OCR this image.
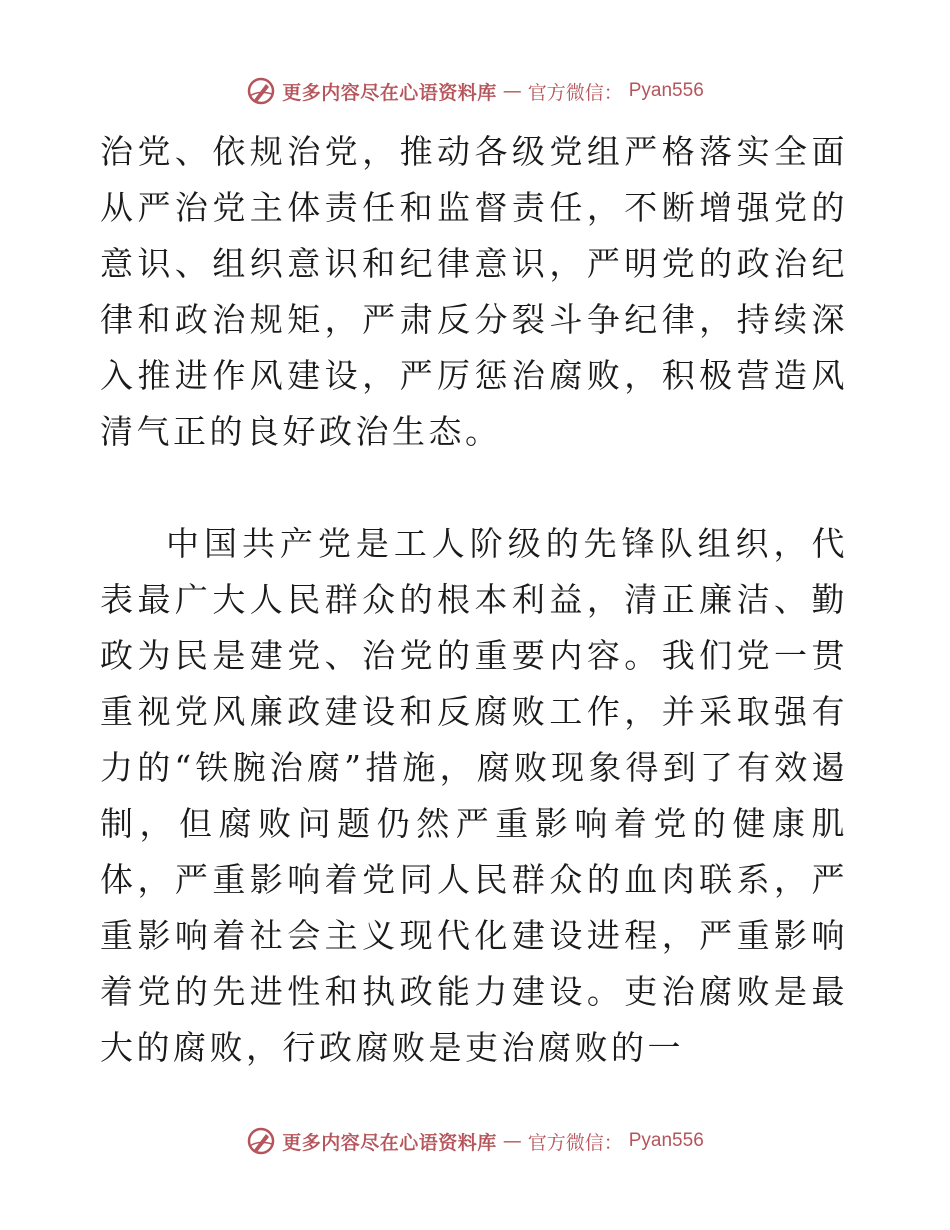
更多内容尽在心语资料库 — 官方微信： Pyan556

治党、依规治党，推动各级党组严格落实全面从严治党主体责任和监督责任，不断增强党的意识、组织意识和纪律意识，严明党的政治纪律和政治规矩，严肃反分裂斗争纪律，持续深入推进作风建设，严厉惩治腐败，积极营造风清气正的良好政治生态。

中国共产党是工人阶级的先锋队组织，代表最广大人民群众的根本利益，清正廉洁、勤政为民是建党、治党的重要内容。我们党一贯重视党风廉政建设和反腐败工作，并采取强有力的“铁腕治腐”措施，腐败现象得到了有效遏制，但腐败问题仍然严重影响着党的健康肌体，严重影响着党同人民群众的血肉联系，严重影响着社会主义现代化建设进程，严重影响着党的先进性和执政能力建设。吏治腐败是最大的腐败，行政腐败是吏治腐败的一

更多内容尽在心语资料库 — 官方微信： Pyan556
